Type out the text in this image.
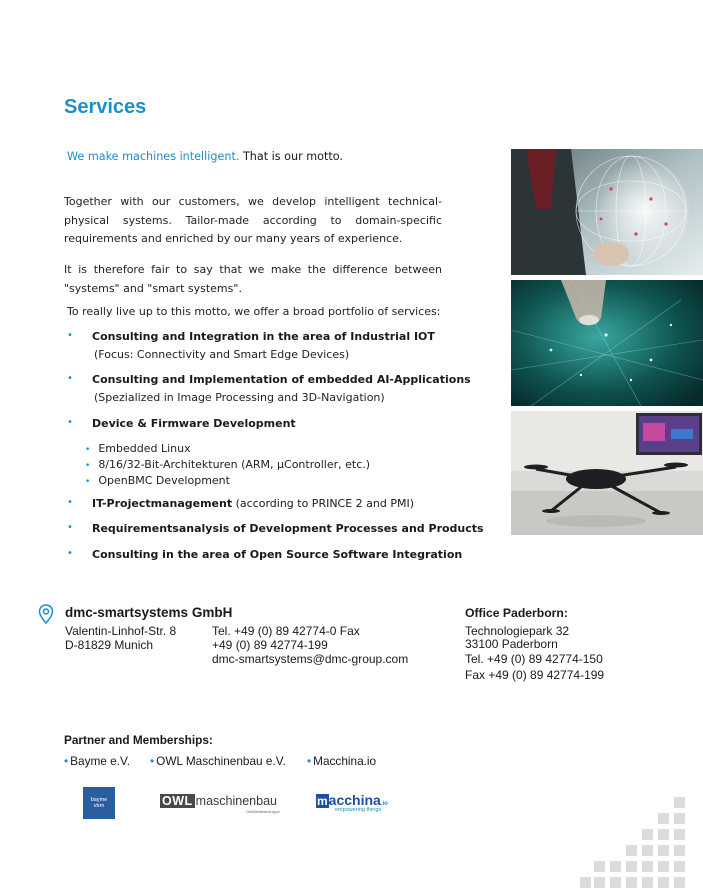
Services
We make machines intelligent. That is our motto.
Together with our customers, we develop intelligent technical-physical systems. Tailor-made according to domain-specific requirements and enriched by our many years of experience.
It is therefore fair to say that we make the difference between "systems" and "smart systems".
To really live up to this motto, we offer a broad portfolio of services:
• Consulting and Integration in the area of Industrial IOT
(Focus: Connectivity and Smart Edge Devices)
• Consulting and Implementation of embedded AI-Applications
(Spezialized in Image Processing and 3D-Navigation)
• Device & Firmware Development
• Embedded Linux
• 8/16/32-Bit-Architekturen (ARM, µController, etc.)
• OpenBMC Development
• IT-Projectmanagement (according to PRINCE 2 and PMI)
• Requirementsanalysis of Development Processes and Products
• Consulting in the area of Open Source Software Integration
dmc-smartsystems GmbH
Valentin-Linhof-Str. 8
D-81829 Munich
Tel. +49 (0) 89 42774-0 Fax
+49 (0) 89 42774-199
dmc-smartsystems@dmc-group.com
Office Paderborn:
Technologiepark 32
33100 Paderborn
Tel. +49 (0) 89 42774-150
Fax +49 (0) 89 42774-199
Partner and Memberships:
• Bayme e.V. • OWL Maschinenbau e.V. • Macchina.io
bayme
vbm	OWL maschinenbau
OstWestfalenLippe
macchina.io
empowering things
